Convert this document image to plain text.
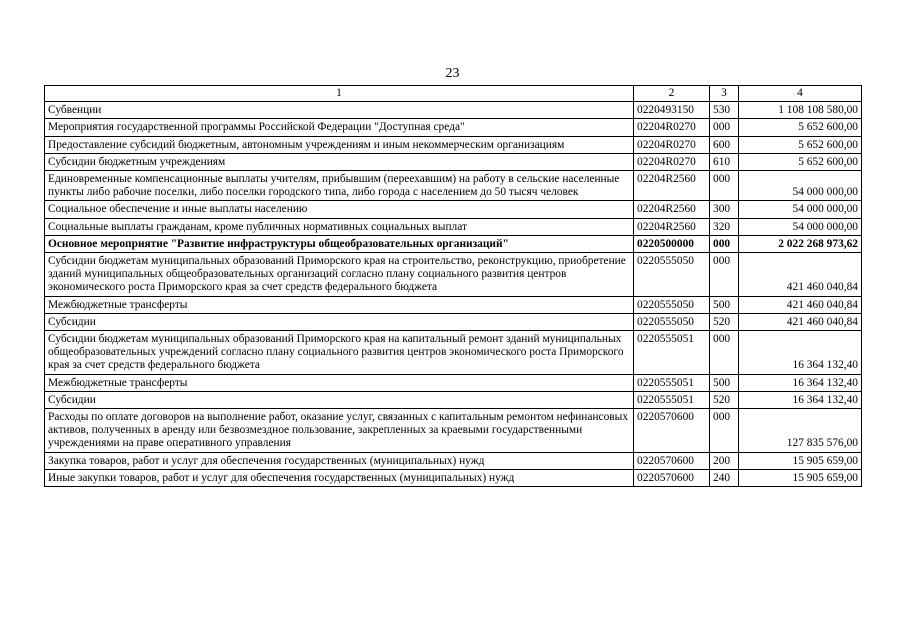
23
1	2	3	4
Субвенции	0220493150	530	1 108 108 580,00
Мероприятия государственной программы Российской Федерации "Доступная среда"	02204R0270	000	5 652 600,00
Предоставление субсидий бюджетным, автономным учреждениям и иным некоммерческим организациям	02204R0270	600	5 652 600,00
Субсидии бюджетным учреждениям	02204R0270	610	5 652 600,00
Единовременные компенсационные выплаты учителям, прибывшим (переехавшим) на работу в сельские населенные пункты либо рабочие поселки, либо поселки городского типа, либо города с населением до 50 тысяч человек	02204R2560	000	54 000 000,00
Социальное обеспечение и иные выплаты населению	02204R2560	300	54 000 000,00
Социальные выплаты гражданам, кроме публичных нормативных социальных выплат	02204R2560	320	54 000 000,00
Основное мероприятие "Развитие инфраструктуры общеобразовательных организаций"	0220500000	000	2 022 268 973,62
Субсидии бюджетам муниципальных образований Приморского края на строительство, реконструкцию, приобретение зданий муниципальных общеобразовательных организаций согласно плану социального развития центров экономического роста Приморского края за счет средств федерального бюджета	0220555050	000	421 460 040,84
Межбюджетные трансферты	0220555050	500	421 460 040,84
Субсидии	0220555050	520	421 460 040,84
Субсидии бюджетам муниципальных образований Приморского края на капитальный ремонт зданий муниципальных общеобразовательных учреждений согласно плану социального развития центров экономического роста Приморского края за счет средств федерального бюджета	0220555051	000	16 364 132,40
Межбюджетные трансферты	0220555051	500	16 364 132,40
Субсидии	0220555051	520	16 364 132,40
Расходы по оплате договоров на выполнение работ, оказание услуг, связанных с капитальным ремонтом нефинансовых активов, полученных в аренду или безвозмездное пользование, закрепленных за краевыми государственными учреждениями на праве оперативного управления	0220570600	000	127 835 576,00
Закупка товаров, работ и услуг для обеспечения государственных (муниципальных) нужд	0220570600	200	15 905 659,00
Иные закупки товаров, работ и услуг для обеспечения государственных (муниципальных) нужд	0220570600	240	15 905 659,00
